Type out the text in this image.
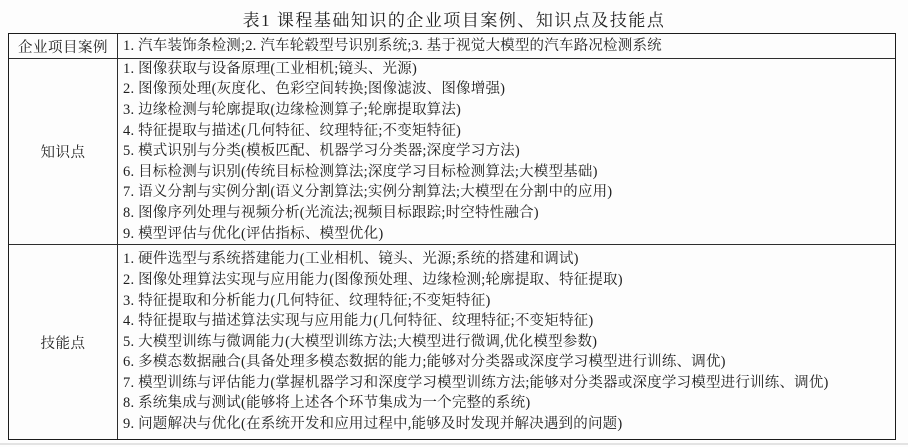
表1 课程基础知识的企业项目案例、知识点及技能点
企业项目案例	1. 汽车装饰条检测;2. 汽车轮毂型号识别系统;3. 基于视觉大模型的汽车路况检测系统
知识点
1. 图像获取与设备原理(工业相机;镜头、光源)
2. 图像预处理(灰度化、色彩空间转换;图像滤波、图像增强)
3. 边缘检测与轮廓提取(边缘检测算子;轮廓提取算法)
4. 特征提取与描述(几何特征、纹理特征;不变矩特征)
5. 模式识别与分类(模板匹配、机器学习分类器;深度学习方法)
6. 目标检测与识别(传统目标检测算法;深度学习目标检测算法;大模型基础)
7. 语义分割与实例分割(语义分割算法;实例分割算法;大模型在分割中的应用)
8. 图像序列处理与视频分析(光流法;视频目标跟踪;时空特性融合)
9. 模型评估与优化(评估指标、模型优化)
技能点
1. 硬件选型与系统搭建能力(工业相机、镜头、光源;系统的搭建和调试)
2. 图像处理算法实现与应用能力(图像预处理、边缘检测;轮廓提取、特征提取)
3. 特征提取和分析能力(几何特征、纹理特征;不变矩特征)
4. 特征提取与描述算法实现与应用能力(几何特征、纹理特征;不变矩特征)
5. 大模型训练与微调能力(大模型训练方法;大模型进行微调,优化模型参数)
6. 多模态数据融合(具备处理多模态数据的能力;能够对分类器或深度学习模型进行训练、调优)
7. 模型训练与评估能力(掌握机器学习和深度学习模型训练方法;能够对分类器或深度学习模型进行训练、调优)
8. 系统集成与测试(能够将上述各个环节集成为一个完整的系统)
9. 问题解决与优化(在系统开发和应用过程中,能够及时发现并解决遇到的问题)
